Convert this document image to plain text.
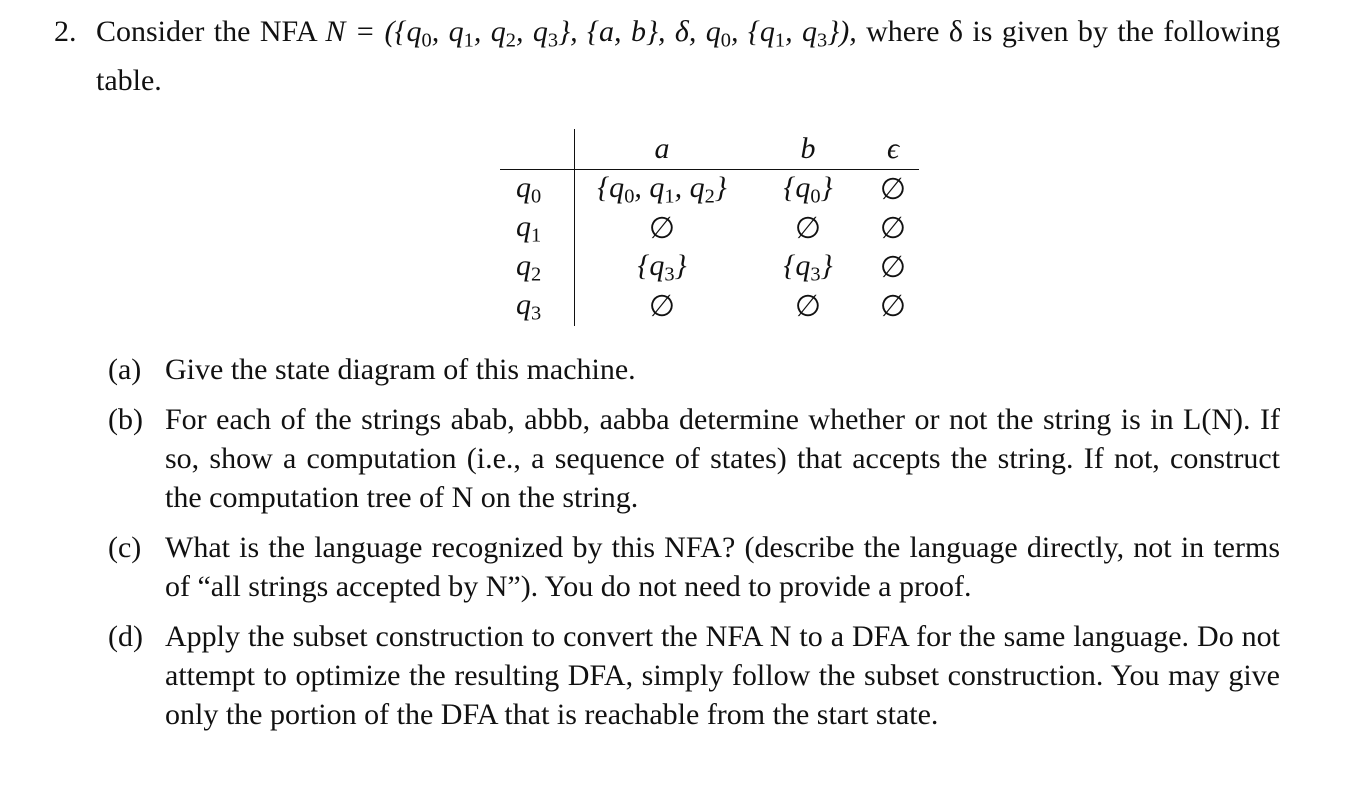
2. Consider the NFA $N = (\{q_0$, $q_1$, $q_2$, $q_3$}, {a, b}, δ, $q_0$, {$q_1$, $q_3$}), where δ is given by the following table.
	a	b	ϵ
$q_0$	{$q_0$, $q_1$, $q_2$}	$\{q_0\}$	∅
$q_1$	∅	∅	∅
$q_2$	$\{q_3\}$	$\{q_3\}$	∅
$q_3$	∅	∅	∅
(a) Give the state diagram of this machine.
(b) For each of the strings abab, abbb, aabba determine whether or not the string is in L(N). If so, show a computation (i.e., a sequence of states) that accepts the string. If not, construct the computation tree of N on the string.
(c) What is the language recognized by this NFA? (describe the language directly, not in terms of “all strings accepted by N”). You do not need to provide a proof.
(d) Apply the subset construction to convert the NFA N to a DFA for the same language. Do not attempt to optimize the resulting DFA, simply follow the subset construction. You may give only the portion of the DFA that is reachable from the start state.
